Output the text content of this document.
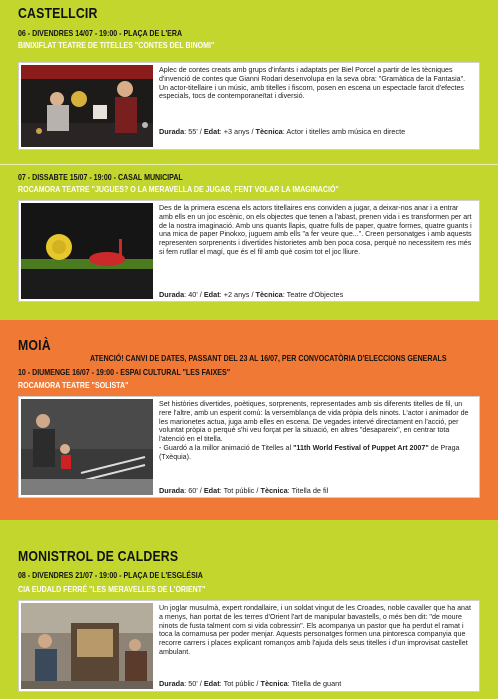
CASTELLCIR
06 - DIVENDRES 14/07 - 19:00 - PLAÇA DE L'ERA
BINIXIFLAT TEATRE DE TITELLES "CONTES DEL BINOMI"
Aplec de contes creats amb grups d'infants i adaptats per Biel Porcel a partir de les tècniques d'invenció de contes que Gianni Rodari desenvolupa en la seva obra: "Gramàtica de la Fantasia".
Un actor-titellaire i un músic, amb titelles i fiscorn, posen en escena un espectacle farcit d'efectes especials, tocs de contemporaneïtat i diversió.
Durada: 55' / Edat: +3 anys / Tècnica: Actor i titelles amb música en directe
07 - DISSABTE 15/07 - 19:00 - CASAL MUNICIPAL
ROCAMORA TEATRE "JUGUES? O LA MERAVELLA DE JUGAR, FENT VOLAR LA IMAGINACIÓ"
Des de la primera escena els actors titellaires ens conviden a jugar, a deixar-nos anar i a entrar amb ells en un joc escènic, on els objectes que tenen a l'abast, prenen vida i es transformen per art de la nostra imaginació. Amb uns quants llapis, quatre fulls de paper, quatre formes, quatre guants i una mica de paper Pinokxo, juguem amb ells "a fer veure que...". Creen personatges i amb aquests representen sorprenents i divertides historietes amb ben poca cosa, perquè no necessitem res més si fem rutllar el magí, que és el fil amb què cosim tot el joc lliure.
Durada: 40' / Edat: +2 anys / Tècnica: Teatre d'Objectes
MOIÀ
ATENCIÓ! CANVI DE DATES, PASSANT DEL 23 AL 16/07, PER CONVOCATÒRIA D'ELECCIONS GENERALS
10 - DIUMENGE 16/07 - 19:00 - ESPAI CULTURAL "LES FAIXES"
ROCAMORA TEATRE "SOLISTA"
Set històries divertides, poètiques, sorprenents, representades amb sis diferents titelles de fil, un rere l'altre, amb un esperit comú: la versemblança de vida pròpia dels ninots. L'actor i animador de les marionetes actua, juga amb elles en escena. De vegades intervé directament en l'acció, per voluntat pròpia o perquè s'hi veu forçat per la situació, en altres "desapareix", en centrar tota l'atenció en el titella.
- Guardó a la millor animació de Titelles al "11th World Festival of Puppet Art 2007" de Praga (Txèquia).
Durada: 60' / Edat: Tot públic / Tècnica: Titella de fil
MONISTROL DE CALDERS
08 - DIVENDRES 21/07 - 19:00 - PLAÇA DE L'ESGLÉSIA
CIA EUDALD FERRÉ "LES MERAVELLES DE L'ORIENT"
Un joglar musulmà, expert rondallaire, i un soldat vingut de les Croades, noble cavaller que ha anat a menys, han portat de les terres d'Orient l'art de manipular bavastells, o més ben dit: "de moure ninots de fusta talment com si vida cobressin". Els acompanya un pastor que ha perdut el ramat i toca la cornamusa per poder menjar. Aquests personatges formen una pintoresca companyia que recorre carrers i places explicant romanços amb l'ajuda dels seus titelles i d'un improvisat castellet ambulant.
Durada: 50' / Edat: Tot públic / Tècnica: Titella de guant
